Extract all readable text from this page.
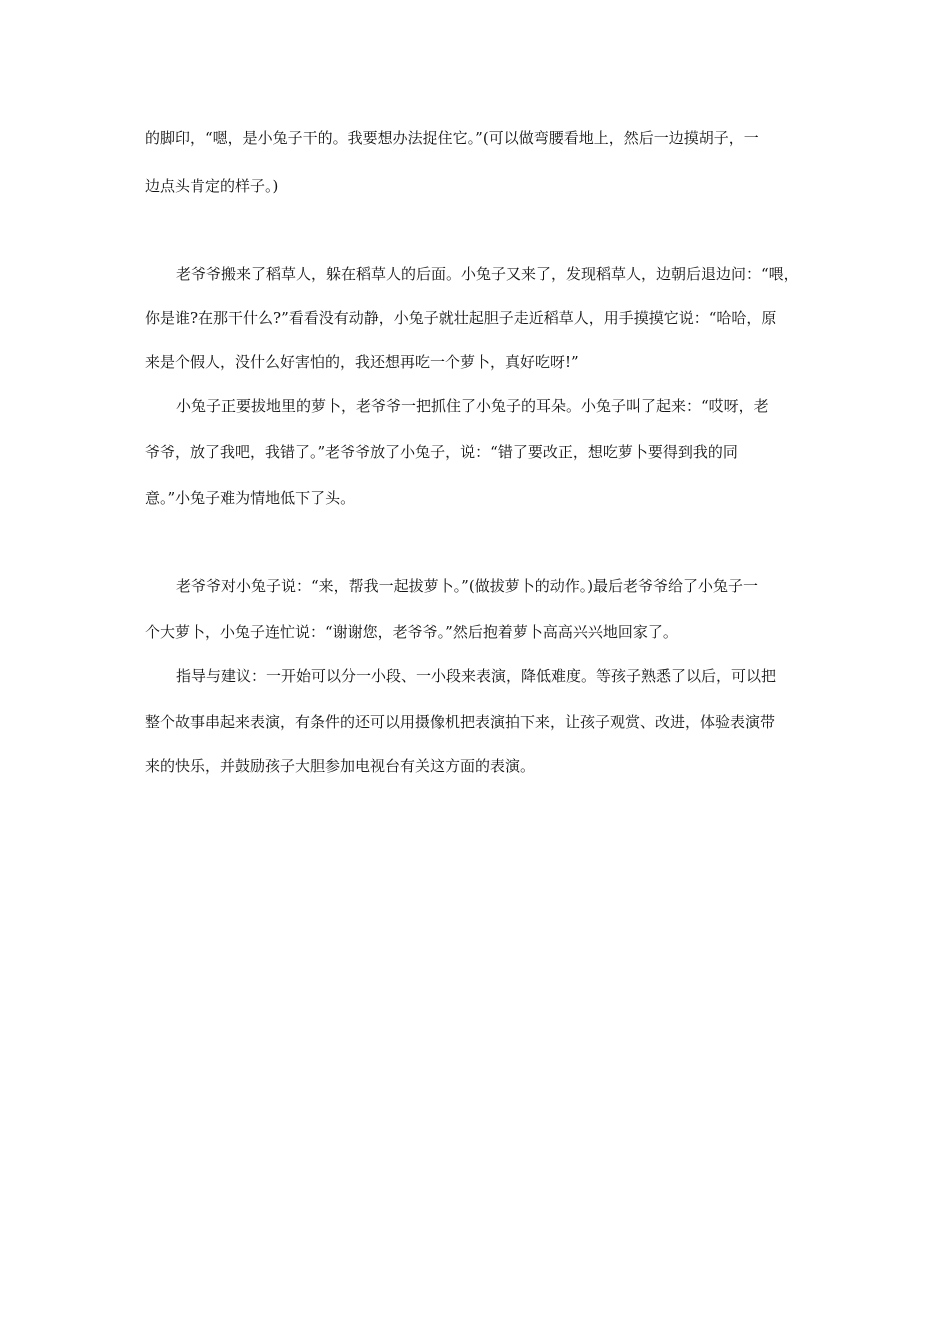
的脚印，“嗯，是小兔子干的。我要想办法捉住它。”(可以做弯腰看地上，然后一边摸胡子，一
边点头肯定的样子。)
老爷爷搬来了稻草人，躲在稻草人的后面。小兔子又来了，发现稻草人，边朝后退边问：“喂，
你是谁?在那干什么?”看看没有动静，小兔子就壮起胆子走近稻草人，用手摸摸它说：“哈哈，原
来是个假人，没什么好害怕的，我还想再吃一个萝卜，真好吃呀!”
小兔子正要拔地里的萝卜，老爷爷一把抓住了小兔子的耳朵。小兔子叫了起来：“哎呀，老
爷爷，放了我吧，我错了。”老爷爷放了小兔子，说：“错了要改正，想吃萝卜要得到我的同
意。”小兔子难为情地低下了头。
老爷爷对小兔子说：“来，帮我一起拔萝卜。”(做拔萝卜的动作。)最后老爷爷给了小兔子一
个大萝卜，小兔子连忙说：“谢谢您，老爷爷。”然后抱着萝卜高高兴兴地回家了。
指导与建议：一开始可以分一小段、一小段来表演，降低难度。等孩子熟悉了以后，可以把
整个故事串起来表演，有条件的还可以用摄像机把表演拍下来，让孩子观赏、改进，体验表演带
来的快乐，并鼓励孩子大胆参加电视台有关这方面的表演。
